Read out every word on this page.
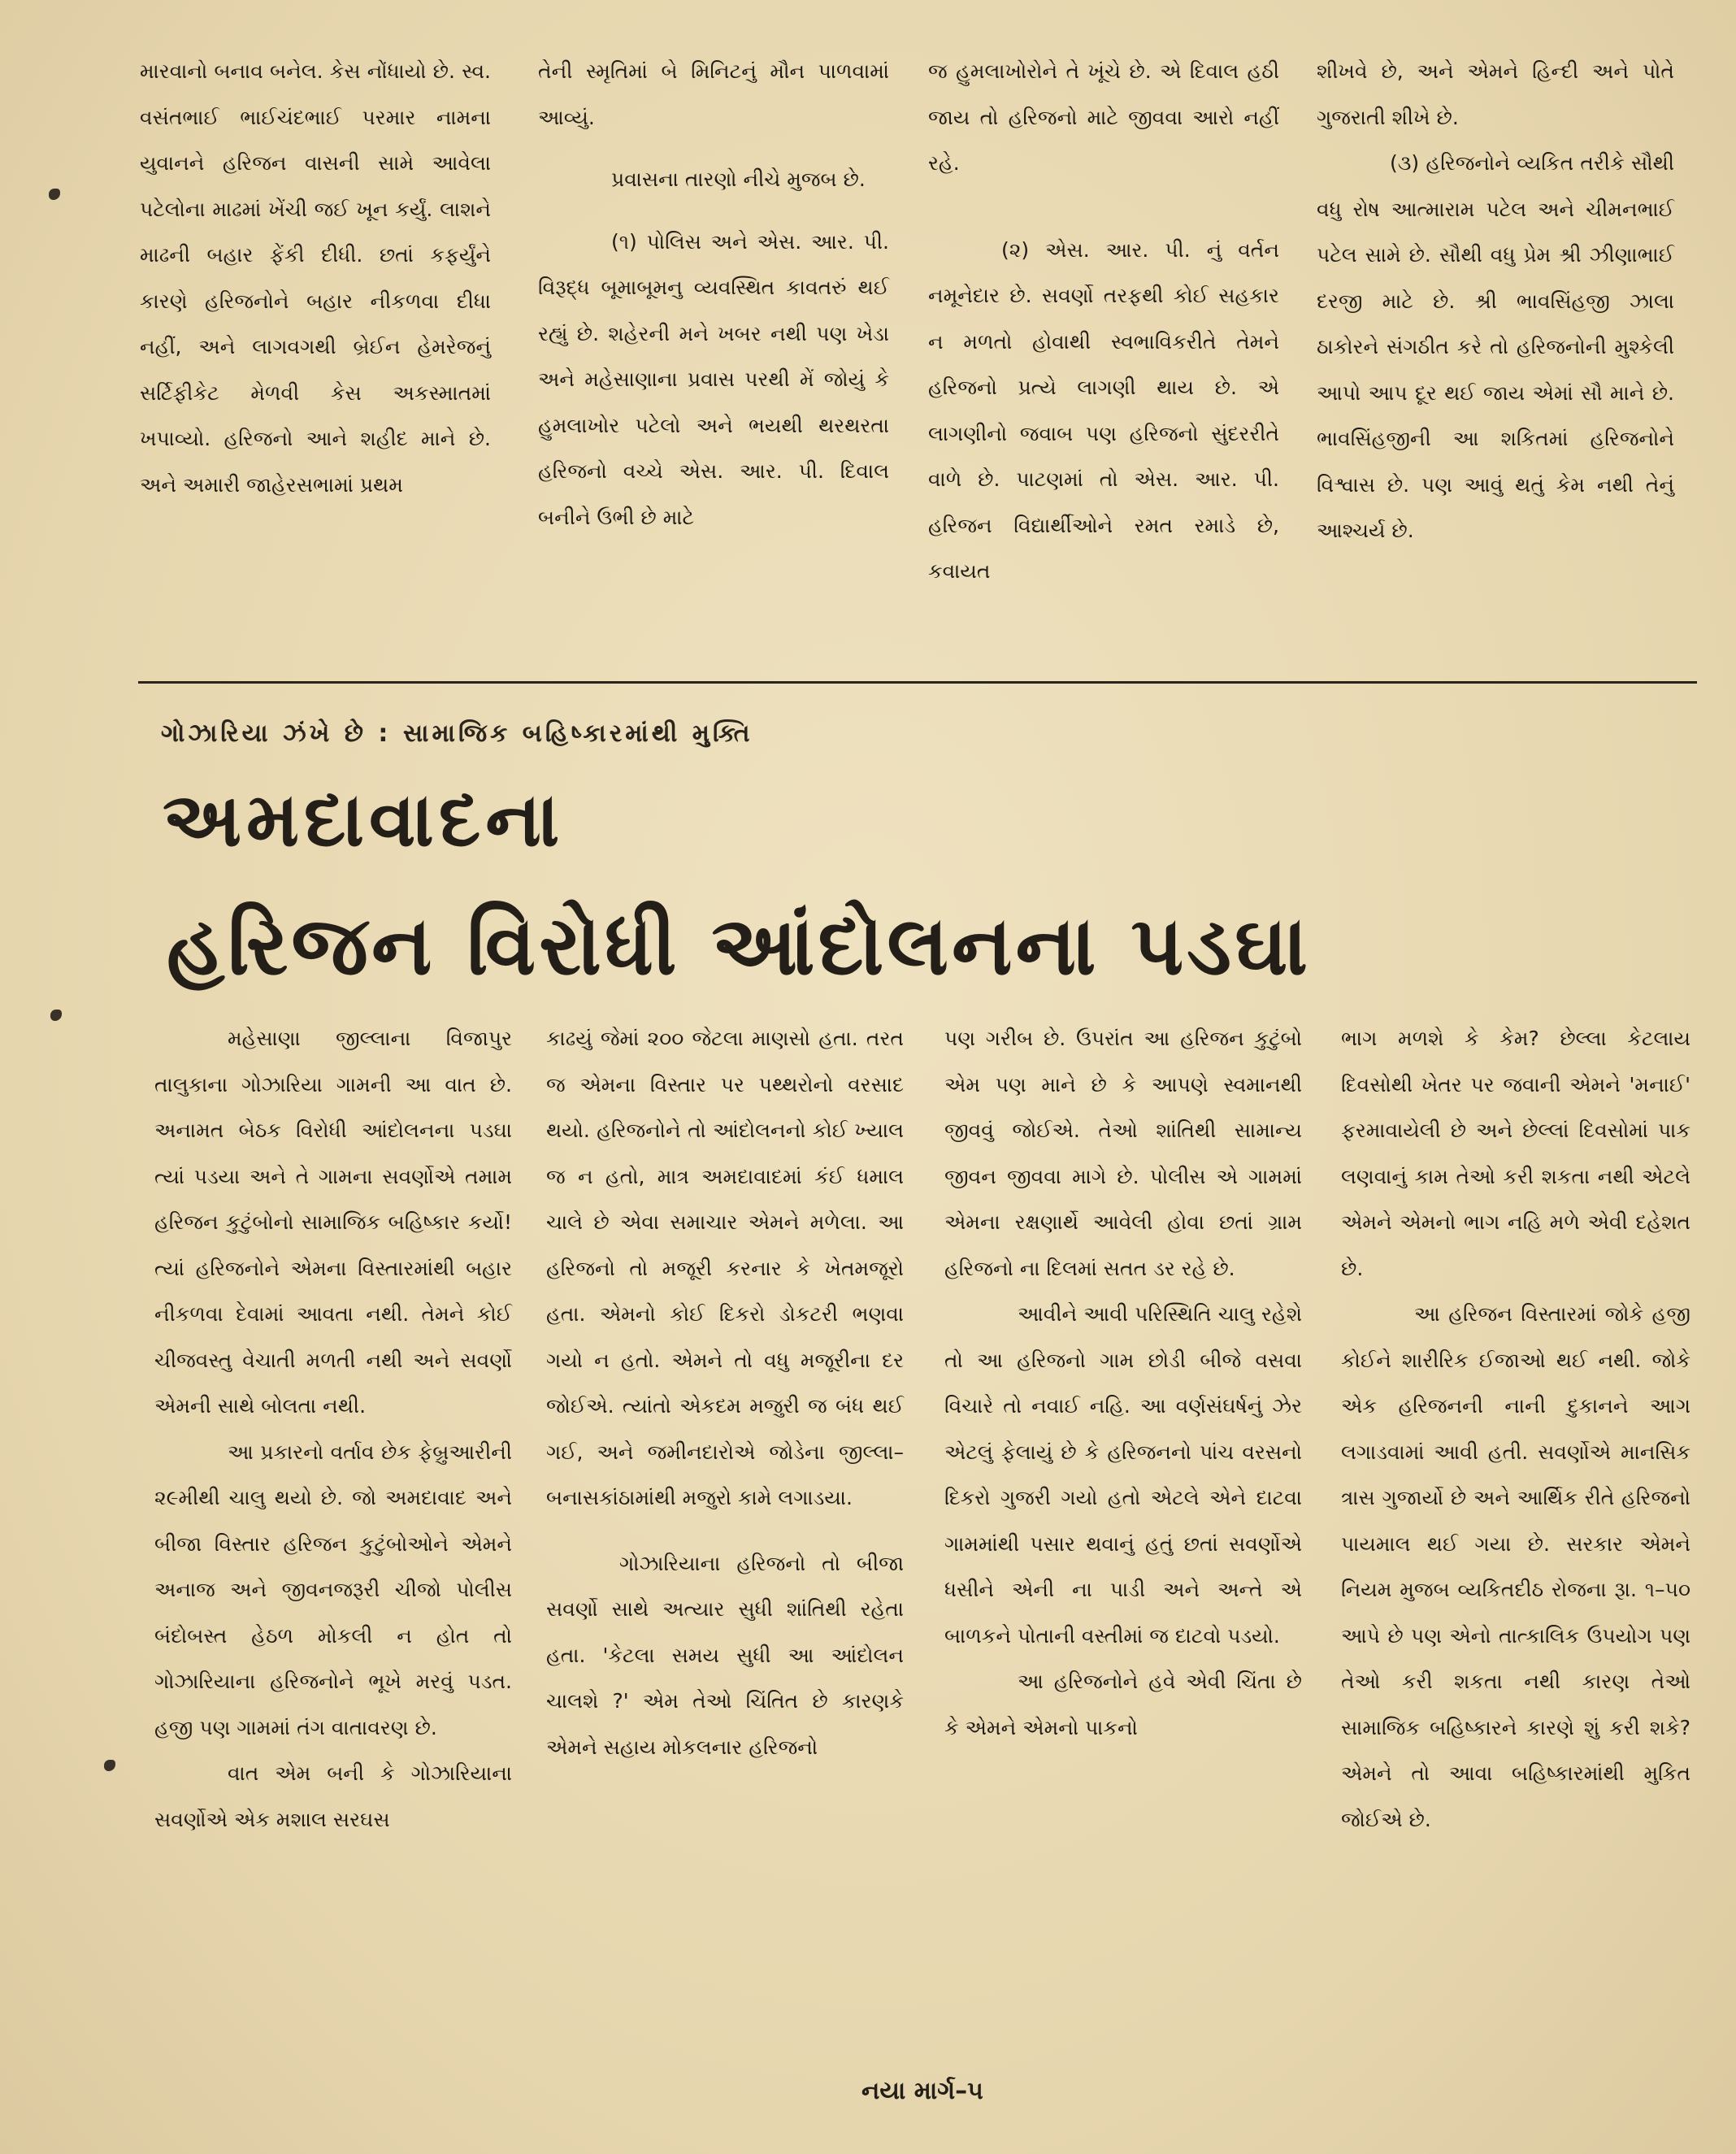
મારવાનો બનાવ બનેલ. કેસ નોંધાયો છે. સ્વ. વસંતભાઈ ભાઈચંદભાઈ પરમાર નામના યુવાનને હરિજન વાસની સામે આવેલા પટેલોના માઢમાં ખેંચી જઈ ખૂન કર્યું. લાશને માઢની બહાર ફેંકી દીધી. છતાં કફર્યુંને કારણે હરિજનોને બહાર નીકળવા દીધા નહીં, અને લાગવગથી બ્રેઈન હેમરેજનું સર્ટિફીકેટ મેળવી કેસ અકસ્માતમાં ખપાવ્યો. હરિજનો આને શહીદ માને છે. અને અમારી જાહેરસભામાં પ્રથમ

તેની સ્મૃતિમાં બે મિનિટનું મૌન પાળવામાં આવ્યું.

પ્રવાસના તારણો નીચે મુજબ છે.

(૧) પોલિસ અને એસ. આર. પી. વિરૂદ્ધ બૂમાબૂમનુ વ્યવસ્થિત કાવતરું થઈ રહ્યું છે. શહેરની મને ખબર નથી પણ ખેડા અને મહેસાણાના પ્રવાસ પરથી મેં જોયું કે હુમલાખોર પટેલો અને ભયથી થરથરતા હરિજનો વચ્ચે એસ. આર. પી. દિવાલ બનીને ઉભી છે માટે

જ હુમલાખોરોને તે ખૂંચે છે. એ દિવાલ હઠી જાય તો હરિજનો માટે જીવવા આરો નહીં રહે.

(૨) એસ. આર. પી. નું વર્તન નમૂનેદાર છે. સવર્ણો તરફથી કોઈ સહકાર ન મળતો હોવાથી સ્વભાવિકરીતે તેમને હરિજનો પ્રત્યે લાગણી થાય છે. એ લાગણીનો જવાબ પણ હરિજનો સુંદરરીતે વાળે છે. પાટણમાં તો એસ. આર. પી. હરિજન વિદ્યાર્થીઓને રમત રમાડે છે, કવાયત

શીખવે છે, અને એમને હિન્દી અને પોતે ગુજરાતી શીખે છે.

(૩) હરિજનોને વ્યકિત તરીકે સૌથી વધુ રોષ આત્મારામ પટેલ અને ચીમનભાઈ પટેલ સામે છે. સૌથી વધુ પ્રેમ શ્રી ઝીણાભાઈ દરજી માટે છે. શ્રી ભાવસિંહજી ઝાલા ઠાકોરને સંગઠીત કરે તો હરિજનોની મુશ્કેલી આપો આપ દૂર થઈ જાય એમાં સૌ માને છે. ભાવસિંહજીની આ શકિતમાં હરિજનોને વિશ્વાસ છે. પણ આવું થતું કેમ નથી તેનું આશ્ચર્ય છે.

ગોઝારિયા ઝંખે છે : સામાજિક બહિષ્કારમાંથી મુક્તિ
અમદાવાદના
હરિજન વિરોધી આંદોલનના પડઘા

મહેસાણા જીલ્લાના વિજાપુર તાલુકાના ગોઝારિયા ગામની આ વાત છે. અનામત બેઠક વિરોધી આંદોલનના પડઘા ત્યાં પડયા અને તે ગામના સવર્ણોએ તમામ હરિજન કુટુંબોનો સામાજિક બહિષ્કાર કર્યો! ત્યાં હરિજનોને એમના વિસ્તારમાંથી બહાર નીકળવા દેવામાં આવતા નથી. તેમને કોઈ ચીજવસ્તુ વેચાતી મળતી નથી અને સવર્ણો એમની સાથે બોલતા નથી.

આ પ્રકારનો વર્તાવ છેક ફેબ્રુઆરીની ૨૯મીથી ચાલુ થયો છે. જો અમદાવાદ અને બીજા વિસ્તાર હરિજન કુટુંબોઓને એમને અનાજ અને જીવનજરૂરી ચીજો પોલીસ બંદોબસ્ત હેઠળ મોકલી ન હોત તો ગોઝારિયાના હરિજનોને ભૂખે મરવું પડત. હજી પણ ગામમાં તંગ વાતાવરણ છે.

વાત એમ બની કે ગોઝારિયાના સવર્ણોએ એક મશાલ સરઘસ

કાઢયું જેમાં ૨૦૦ જેટલા માણસો હતા. તરત જ એમના વિસ્તાર પર પથ્થરોનો વરસાદ થયો. હરિજનોને તો આંદોલનનો કોઈ ખ્યાલ જ ન હતો, માત્ર અમદાવાદમાં કંઈ ધમાલ ચાલે છે એવા સમાચાર એમને મળેલા. આ હરિજનો તો મજૂરી કરનાર કે ખેતમજૂરો હતા. એમનો કોઈ દિકરો ડોકટરી ભણવા ગયો ન હતો. એમને તો વધુ મજૂરીના દર જોઈએ. ત્યાંતો એકદમ મજુરી જ બંધ થઈ ગઈ, અને જમીનદારોએ જોડેના જીલ્લા–બનાસકાંઠામાંથી મજુરો કામે લગાડયા.

ગોઝારિયાના હરિજનો તો બીજા સવર્ણો સાથે અત્યાર સુધી શાંતિથી રહેતા હતા. 'કેટલા સમય સુધી આ આંદોલન ચાલશે ?' એમ તેઓ ચિંતિત છે કારણકે એમને સહાય મોકલનાર હરિજનો

પણ ગરીબ છે. ઉપરાંત આ હરિજન કુટુંબો એમ પણ માને છે કે આપણે સ્વમાનથી જીવવું જોઈએ. તેઓ શાંતિથી સામાન્ય જીવન જીવવા માગે છે. પોલીસ એ ગામમાં એમના રક્ષણાર્થે આવેલી હોવા છતાં ગ્રામ હરિજનો ના દિલમાં સતત ડર રહે છે.

આવીને આવી પરિસ્થિતિ ચાલુ રહેશે તો આ હરિજનો ગામ છોડી બીજે વસવા વિચારે તો નવાઈ નહિ. આ વર્ણસંઘર્ષનું ઝેર એટલું ફેલાયું છે કે હરિજનનો પાંચ વરસનો દિકરો ગુજરી ગયો હતો એટલે એને દાટવા ગામમાંથી પસાર થવાનું હતું છતાં સવર્ણોએ ધસીને એની ના પાડી અને અન્તે એ બાળકને પોતાની વસ્તીમાં જ દાટવો પડયો.

આ હરિજનોને હવે એવી ચિંતા છે કે એમને એમનો પાકનો

ભાગ મળશે કે કેમ? છેલ્લા કેટલાય દિવસોથી ખેતર પર જવાની એમને 'મનાઈ' ફરમાવાયેલી છે અને છેલ્લાં દિવસોમાં પાક લણવાનું કામ તેઓ કરી શકતા નથી એટલે એમને એમનો ભાગ નહિ મળે એવી દહેશત છે.

આ હરિજન વિસ્તારમાં જોકે હજી કોઈને શારીરિક ઈજાઓ થઈ નથી. જોકે એક હરિજનની નાની દુકાનને આગ લગાડવામાં આવી હતી. સવર્ણોએ માનસિક ત્રાસ ગુજાર્યો છે અને આર્થિક રીતે હરિજનો પાયમાલ થઈ ગયા છે. સરકાર એમને નિયમ મુજબ વ્યકિતદીઠ રોજના રૂા. ૧–૫૦ આપે છે પણ એનો તાત્કાલિક ઉપયોગ પણ તેઓ કરી શકતા નથી કારણ તેઓ સામાજિક બહિષ્કારને કારણે શું કરી શકે? એમને તો આવા બહિષ્કારમાંથી મુકિત જોઈએ છે.

નયા માર્ગ–૫
